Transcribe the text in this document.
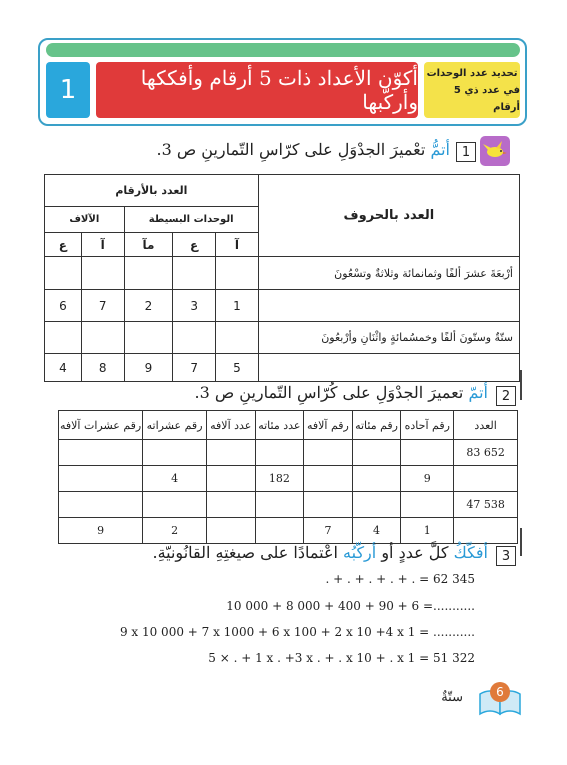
1	أكوّن الأعداد ذات 5 أرقام وأفككها وأركّبها
تحديد عدد الوحدات
في عدد ذي 5 أرقام
1
أتمُّ تعْميرَ الجدْوَلِ على كرّاسِ التّمارينِ ص 3.
العدد بالأرقام					العدد بالحروف
الآلاف		الوحدات البسيطة			
ع	آ	مآ	ع	آ	
					أرْبعَةَ عشرَ ألفًا وثمانمائة وثلاثةٌ وتسْعُونَ
6	7	2	3	1	
					ستّةٌ وستّونَ ألفًا وخمسُمائةٍ واثْنَانِ وأرْبعُونَ
4	8	9	7	5	
2
أتمّ تعميرَ الجدْوَلِ على كُرّاسِ التّمارينِ ص 3.
رقم عشرات آلافه	رقم عشراته	عدد آلافه	عدد مئاته	رقم آلافه	رقم مئاته	رقم آحاده	العدد
							83 652
	4		182			9	
							47 538
9	2			7	4	1	
3
أفكّكُ كلَّ عددٍ أو أركّبُه اعْتمادًا على صيغتِهِ القانُونيّةِ.
. + . + . + . + . = 62 345
10 000 + 8 000 + 400 + 90 + 6 =...........
9 x 10 000 + 7 x 1000 + 6 x 100 + 2 x 10 +4 x 1 = ...........
5 × . + 1 x . +3 x . + . x 10 + . x 1 = 51 322
6
ستّةٌ
